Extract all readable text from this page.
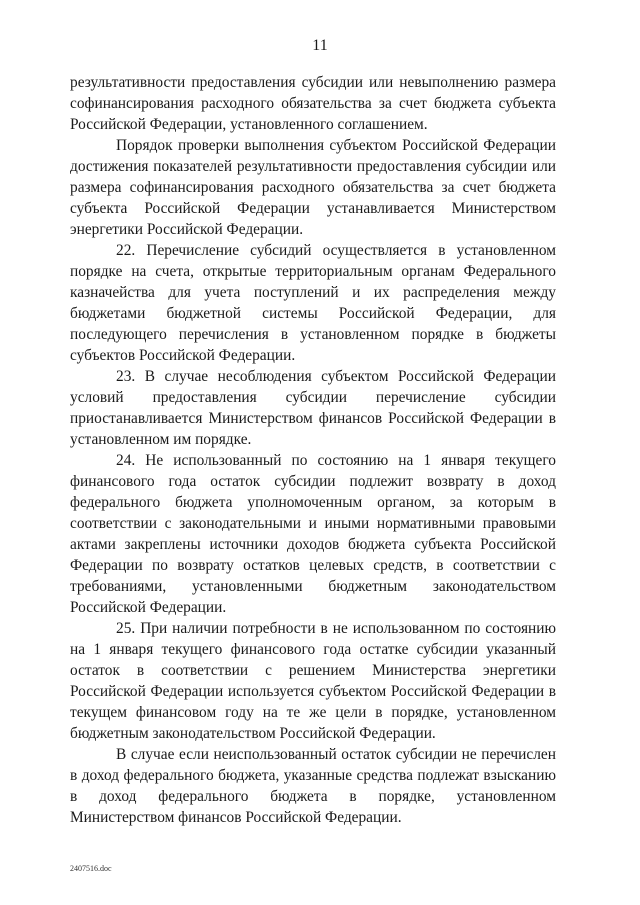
11

результативности предоставления субсидии или невыполнению размера софинансирования расходного обязательства за счет бюджета субъекта Российской Федерации, установленного соглашением.

Порядок проверки выполнения субъектом Российской Федерации достижения показателей результативности предоставления субсидии или размера софинансирования расходного обязательства за счет бюджета субъекта Российской Федерации устанавливается Министерством энергетики Российской Федерации.

22. Перечисление субсидий осуществляется в установленном порядке на счета, открытые территориальным органам Федерального казначейства для учета поступлений и их распределения между бюджетами бюджетной системы Российской Федерации, для последующего перечисления в установленном порядке в бюджеты субъектов Российской Федерации.

23. В случае несоблюдения субъектом Российской Федерации условий предоставления субсидии перечисление субсидии приостанавливается Министерством финансов Российской Федерации в установленном им порядке.

24. Не использованный по состоянию на 1 января текущего финансового года остаток субсидии подлежит возврату в доход федерального бюджета уполномоченным органом, за которым в соответствии с законодательными и иными нормативными правовыми актами закреплены источники доходов бюджета субъекта Российской Федерации по возврату остатков целевых средств, в соответствии с требованиями, установленными бюджетным законодательством Российской Федерации.

25. При наличии потребности в не использованном по состоянию на 1 января текущего финансового года остатке субсидии указанный остаток в соответствии с решением Министерства энергетики Российской Федерации используется субъектом Российской Федерации в текущем финансовом году на те же цели в порядке, установленном бюджетным законодательством Российской Федерации.

В случае если неиспользованный остаток субсидии не перечислен в доход федерального бюджета, указанные средства подлежат взысканию в доход федерального бюджета в порядке, установленном Министерством финансов Российской Федерации.

2407516.doc
